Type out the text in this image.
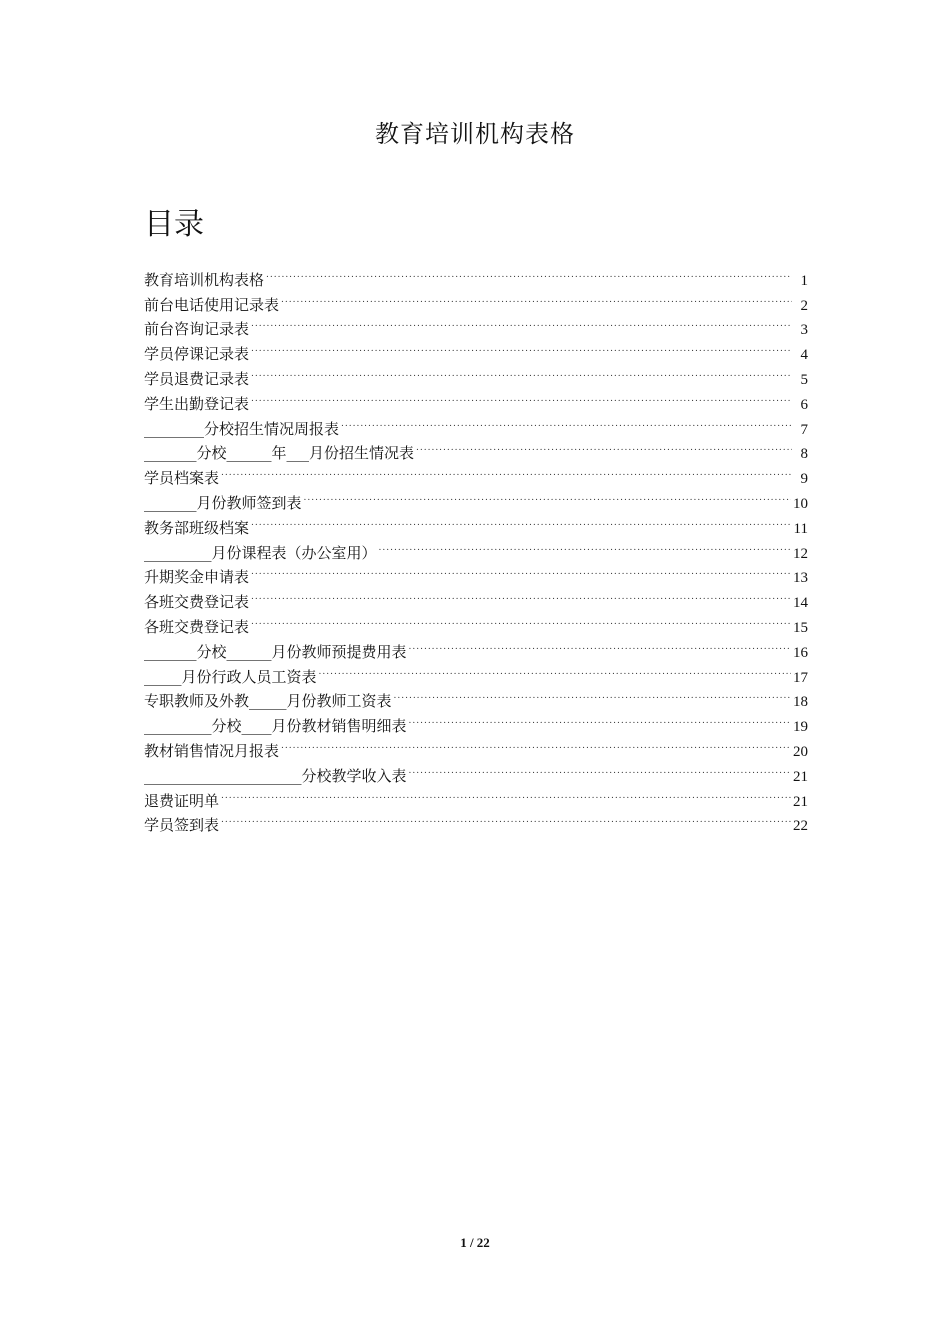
教育培训机构表格
目录
教育培训机构表格 .....	1
前台电话使用记录表 .....	2
前台咨询记录表 .....	3
学员停课记录表 .....	4
学员退费记录表 .....	5
学生出勤登记表 .....	6
________分校招生情况周报表 .....	7
_______分校______年___月份招生情况表 .....	8
学员档案表 .....	9
_______月份教师签到表 .....	10
教务部班级档案 .....	11
_________月份课程表（办公室用） .....	12
升期奖金申请表 .....	13
各班交费登记表 .....	14
各班交费登记表 .....	15
_______分校______月份教师预提费用表 .....	16
_____月份行政人员工资表 .....	17
专职教师及外教_____月份教师工资表 .....	18
_________分校____月份教材销售明细表 .....	19
教材销售情况月报表 .....	20
_____________________分校教学收入表 .....	21
退费证明单 .....	21
学员签到表 .....	22
1 / 22
